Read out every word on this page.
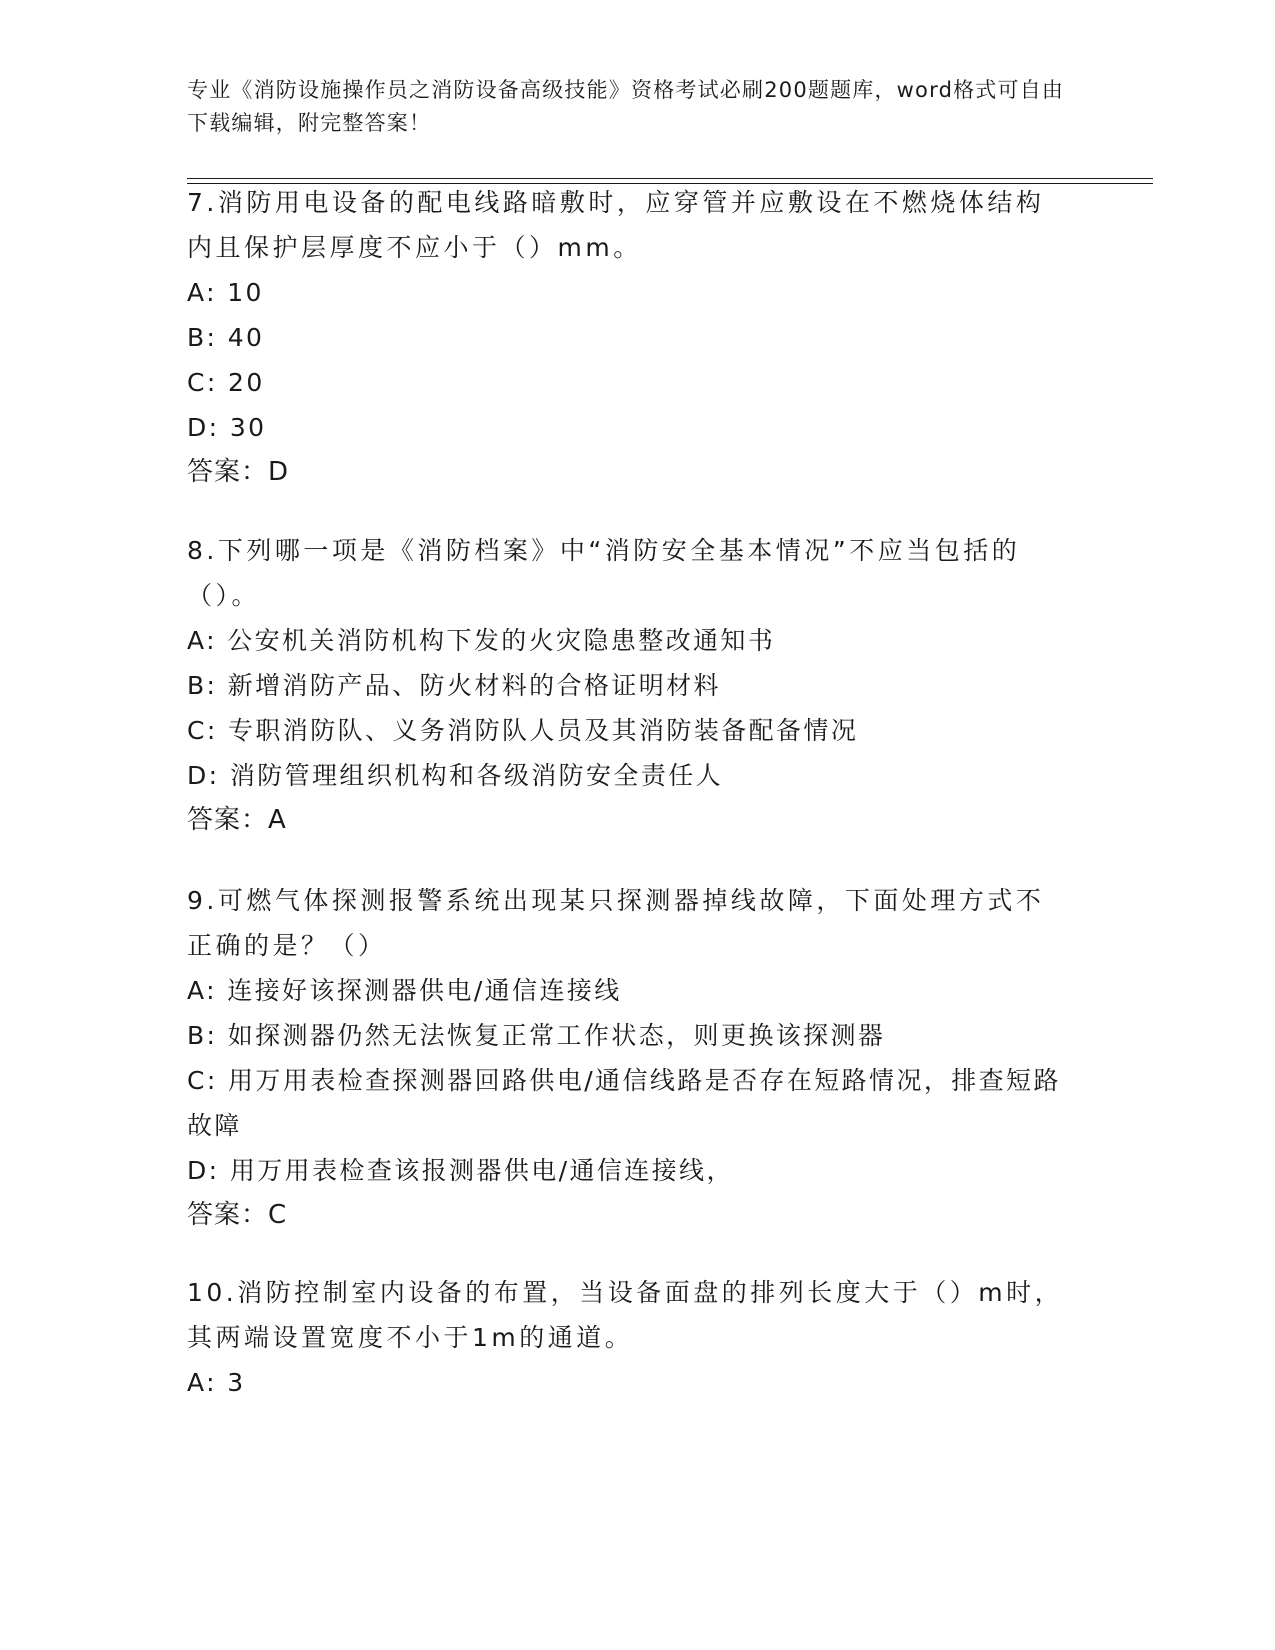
专业《消防设施操作员之消防设备高级技能》资格考试必刷200题题库，word格式可自由下载编辑，附完整答案！
7.消防用电设备的配电线路暗敷时，应穿管并应敷设在不燃烧体结构内且保护层厚度不应小于（）mm。
A: 10
B: 40
C: 20
D: 30
答案：D
8.下列哪一项是《消防档案》中“消防安全基本情况”不应当包括的（）。
A: 公安机关消防机构下发的火灾隐患整改通知书
B: 新增消防产品、防火材料的合格证明材料
C: 专职消防队、义务消防队人员及其消防装备配备情况
D: 消防管理组织机构和各级消防安全责任人
答案：A
9.可燃气体探测报警系统出现某只探测器掉线故障，下面处理方式不正确的是？（）
A: 连接好该探测器供电/通信连接线
B: 如探测器仍然无法恢复正常工作状态，则更换该探测器
C: 用万用表检查探测器回路供电/通信线路是否存在短路情况，排查短路故障
D: 用万用表检查该报测器供电/通信连接线，
答案：C
10.消防控制室内设备的布置，当设备面盘的排列长度大于（）m时，其两端设置宽度不小于1m的通道。
A: 3
